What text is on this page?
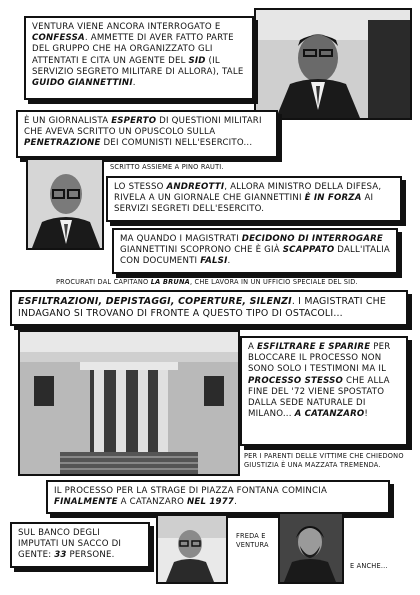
VENTURA VIENE ANCORA INTERROGATO E CONFESSA. AMMETTE DI AVER FATTO PARTE DEL GRUPPO CHE HA ORGANIZZATO GLI ATTENTATI E CITA UN AGENTE DEL SID (IL SERVIZIO SEGRETO MILITARE DI ALLORA), TALE GUIDO GIANNETTINI.
È UN GIORNALISTA ESPERTO DI QUESTIONI MILITARI CHE AVEVA SCRITTO UN OPUSCOLO SULLA PENETRAZIONE DEI COMUNISTI NELL'ESERCITO...
SCRITTO ASSIEME A PINO RAUTI.
LO STESSO ANDREOTTI, ALLORA MINISTRO DELLA DIFESA, RIVELA A UN GIORNALE CHE GIANNETTINI È IN FORZA AI SERVIZI SEGRETI DELL'ESERCITO.
MA QUANDO I MAGISTRATI DECIDONO DI INTERROGARE GIANNETTINI SCOPRONO CHE È GIÀ SCAPPATO DALL'ITALIA CON DOCUMENTI FALSI.
PROCURATI DAL CAPITANO LA BRUNA, CHE LAVORA IN UN UFFICIO SPECIALE DEL SID.
ESFILTRAZIONI, DEPISTAGGI, COPERTURE, SILENZI. I MAGISTRATI CHE INDAGANO SI TROVANO DI FRONTE A QUESTO TIPO DI OSTACOLI...
A ESFILTRARE E SPARIRE PER BLOCCARE IL PROCESSO NON SONO SOLO I TESTIMONI MA IL PROCESSO STESSO CHE ALLA FINE DEL '72 VIENE SPOSTATO DALLA SEDE NATURALE DI MILANO... A CATANZARO!
PER I PARENTI DELLE VITTIME CHE CHIEDONO GIUSTIZIA È UNA MAZZATA TREMENDA.
IL PROCESSO PER LA STRAGE DI PIAZZA FONTANA COMINCIA FINALMENTE A CATANZARO NEL 1977.
SUL BANCO DEGLI IMPUTATI UN SACCO DI GENTE: 33 PERSONE.
FREDA E VENTURA
E ANCHE...
